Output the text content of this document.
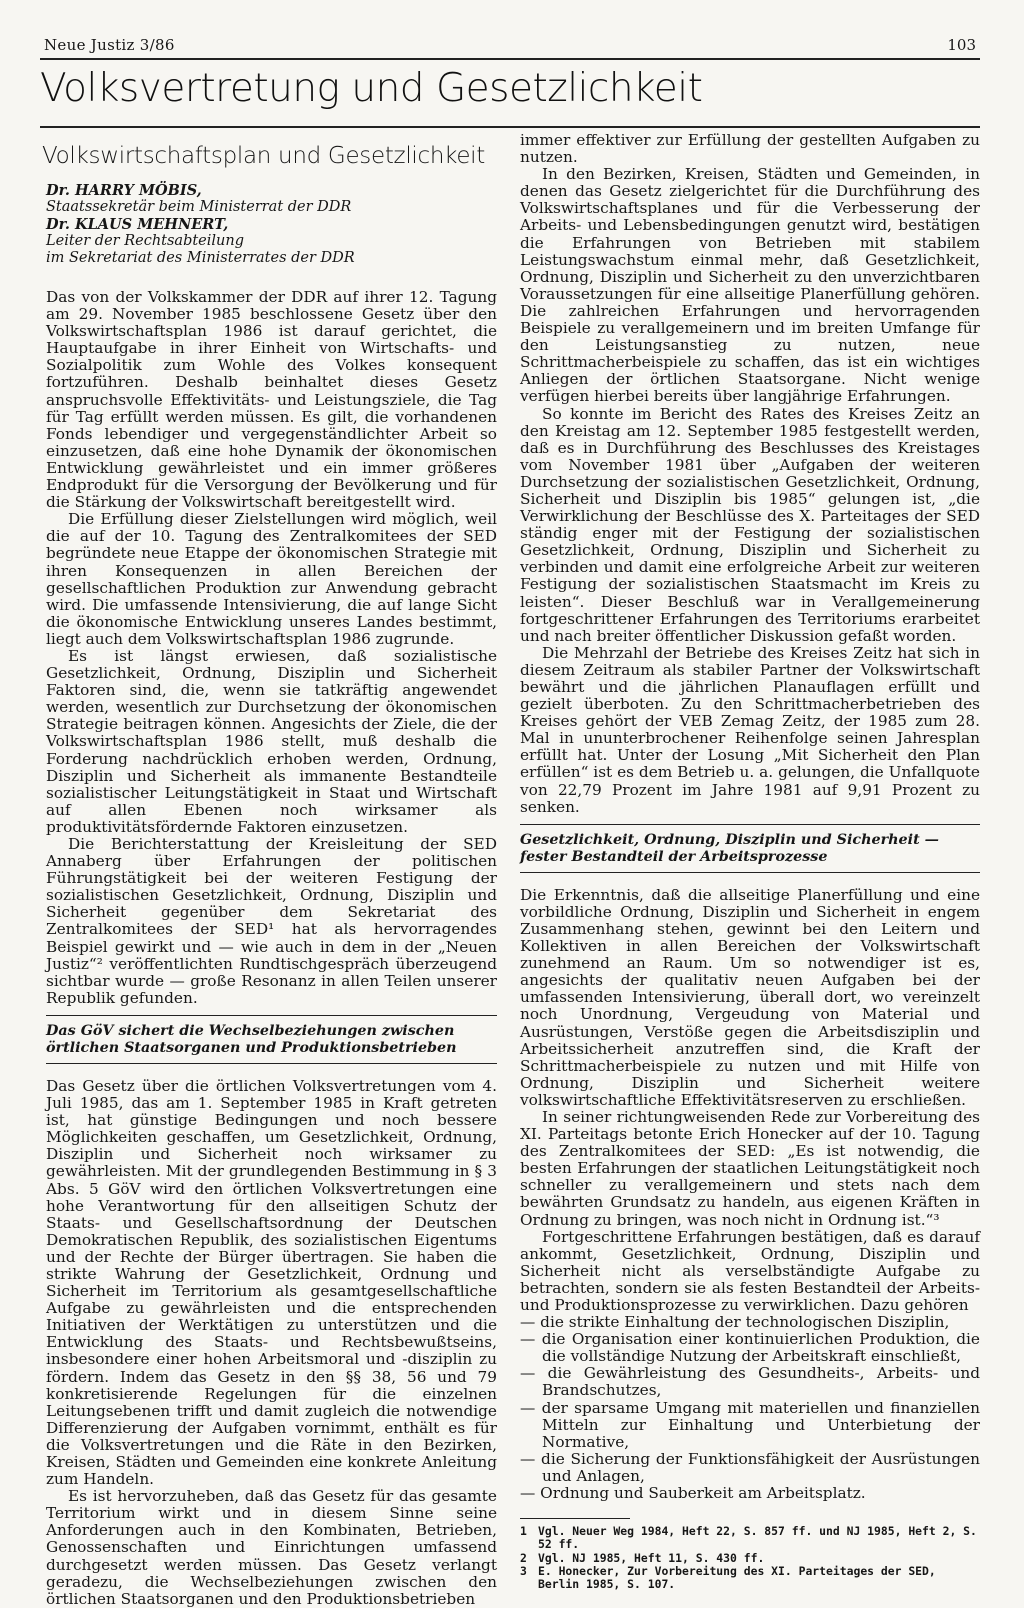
Neue Justiz 3/86	103
Volksvertretung und Gesetzlichkeit
Volkswirtschaftsplan und Gesetzlichkeit
Dr. HARRY MÖBIS,
Staatssekretär beim Ministerrat der DDR
Dr. KLAUS MEHNERT,
Leiter der Rechtsabteilung
im Sekretariat des Ministerrates der DDR

Das von der Volkskammer der DDR auf ihrer 12. Tagung am 29. November 1985 beschlossene Gesetz über den Volkswirtschaftsplan 1986 ist darauf gerichtet, die Hauptaufgabe in ihrer Einheit von Wirtschafts- und Sozialpolitik zum Wohle des Volkes konsequent fortzuführen. Deshalb beinhaltet dieses Gesetz anspruchsvolle Effektivitäts- und Leistungsziele, die Tag für Tag erfüllt werden müssen. Es gilt, die vorhandenen Fonds lebendiger und vergegenständlichter Arbeit so einzusetzen, daß eine hohe Dynamik der ökonomischen Entwicklung gewährleistet und ein immer größeres Endprodukt für die Versorgung der Bevölkerung und für die Stärkung der Volkswirtschaft bereitgestellt wird.

Die Erfüllung dieser Zielstellungen wird möglich, weil die auf der 10. Tagung des Zentralkomitees der SED begründete neue Etappe der ökonomischen Strategie mit ihren Konsequenzen in allen Bereichen der gesellschaftlichen Produktion zur Anwendung gebracht wird. Die umfassende Intensivierung, die auf lange Sicht die ökonomische Entwicklung unseres Landes bestimmt, liegt auch dem Volkswirtschaftsplan 1986 zugrunde.

Es ist längst erwiesen, daß sozialistische Gesetzlichkeit, Ordnung, Disziplin und Sicherheit Faktoren sind, die, wenn sie tatkräftig angewendet werden, wesentlich zur Durchsetzung der ökonomischen Strategie beitragen können. Angesichts der Ziele, die der Volkswirtschaftsplan 1986 stellt, muß deshalb die Forderung nachdrücklich erhoben werden, Ordnung, Disziplin und Sicherheit als immanente Bestandteile sozialistischer Leitungstätigkeit in Staat und Wirtschaft auf allen Ebenen noch wirksamer als produktivitätsfördernde Faktoren einzusetzen.

Die Berichterstattung der Kreisleitung der SED Annaberg über Erfahrungen der politischen Führungstätigkeit bei der weiteren Festigung der sozialistischen Gesetzlichkeit, Ordnung, Disziplin und Sicherheit gegenüber dem Sekretariat des Zentralkomitees der SED¹ hat als hervorragendes Beispiel gewirkt und — wie auch in dem in der „Neuen Justiz“² veröffentlichten Rundtischgespräch überzeugend sichtbar wurde — große Resonanz in allen Teilen unserer Republik gefunden.

Das GöV sichert die Wechselbeziehungen zwischen örtlichen Staatsorganen und Produktionsbetrieben

Das Gesetz über die örtlichen Volksvertretungen vom 4. Juli 1985, das am 1. September 1985 in Kraft getreten ist, hat günstige Bedingungen und noch bessere Möglichkeiten geschaffen, um Gesetzlichkeit, Ordnung, Disziplin und Sicherheit noch wirksamer zu gewährleisten. Mit der grundlegenden Bestimmung in § 3 Abs. 5 GöV wird den örtlichen Volksvertretungen eine hohe Verantwortung für den allseitigen Schutz der Staats- und Gesellschaftsordnung der Deutschen Demokratischen Republik, des sozialistischen Eigentums und der Rechte der Bürger übertragen. Sie haben die strikte Wahrung der Gesetzlichkeit, Ordnung und Sicherheit im Territorium als gesamtgesellschaftliche Aufgabe zu gewährleisten und die entsprechenden Initiativen der Werktätigen zu unterstützen und die Entwicklung des Staats- und Rechtsbewußtseins, insbesondere einer hohen Arbeitsmoral und -disziplin zu fördern. Indem das Gesetz in den §§ 38, 56 und 79 konkretisierende Regelungen für die einzelnen Leitungsebenen trifft und damit zugleich die notwendige Differenzierung der Aufgaben vornimmt, enthält es für die Volksvertretungen und die Räte in den Bezirken, Kreisen, Städten und Gemeinden eine konkrete Anleitung zum Handeln.

Es ist hervorzuheben, daß das Gesetz für das gesamte Territorium wirkt und in diesem Sinne seine Anforderungen auch in den Kombinaten, Betrieben, Genossenschaften und Einrichtungen umfassend durchgesetzt werden müssen. Das Gesetz verlangt geradezu, die Wechselbeziehungen zwischen den örtlichen Staatsorganen und den Produktionsbetrieben

immer effektiver zur Erfüllung der gestellten Aufgaben zu nutzen.

In den Bezirken, Kreisen, Städten und Gemeinden, in denen das Gesetz zielgerichtet für die Durchführung des Volkswirtschaftsplanes und für die Verbesserung der Arbeits- und Lebensbedingungen genutzt wird, bestätigen die Erfahrungen von Betrieben mit stabilem Leistungswachstum einmal mehr, daß Gesetzlichkeit, Ordnung, Disziplin und Sicherheit zu den unverzichtbaren Voraussetzungen für eine allseitige Planerfüllung gehören. Die zahlreichen Erfahrungen und hervorragenden Beispiele zu verallgemeinern und im breiten Umfange für den Leistungsanstieg zu nutzen, neue Schrittmacherbeispiele zu schaffen, das ist ein wichtiges Anliegen der örtlichen Staatsorgane. Nicht wenige verfügen hierbei bereits über langjährige Erfahrungen.

So konnte im Bericht des Rates des Kreises Zeitz an den Kreistag am 12. September 1985 festgestellt werden, daß es in Durchführung des Beschlusses des Kreistages vom November 1981 über „Aufgaben der weiteren Durchsetzung der sozialistischen Gesetzlichkeit, Ordnung, Sicherheit und Disziplin bis 1985“ gelungen ist, „die Verwirklichung der Beschlüsse des X. Parteitages der SED ständig enger mit der Festigung der sozialistischen Gesetzlichkeit, Ordnung, Disziplin und Sicherheit zu verbinden und damit eine erfolgreiche Arbeit zur weiteren Festigung der sozialistischen Staatsmacht im Kreis zu leisten“. Dieser Beschluß war in Verallgemeinerung fortgeschrittener Erfahrungen des Territoriums erarbeitet und nach breiter öffentlicher Diskussion gefaßt worden.

Die Mehrzahl der Betriebe des Kreises Zeitz hat sich in diesem Zeitraum als stabiler Partner der Volkswirtschaft bewährt und die jährlichen Planauflagen erfüllt und gezielt überboten. Zu den Schrittmacherbetrieben des Kreises gehört der VEB Zemag Zeitz, der 1985 zum 28. Mal in ununterbrochener Reihenfolge seinen Jahresplan erfüllt hat. Unter der Losung „Mit Sicherheit den Plan erfüllen“ ist es dem Betrieb u. a. gelungen, die Unfallquote von 22,79 Prozent im Jahre 1981 auf 9,91 Prozent zu senken.

Gesetzlichkeit, Ordnung, Disziplin und Sicherheit — fester Bestandteil der Arbeitsprozesse

Die Erkenntnis, daß die allseitige Planerfüllung und eine vorbildliche Ordnung, Disziplin und Sicherheit in engem Zusammenhang stehen, gewinnt bei den Leitern und Kollektiven in allen Bereichen der Volkswirtschaft zunehmend an Raum. Um so notwendiger ist es, angesichts der qualitativ neuen Aufgaben bei der umfassenden Intensivierung, überall dort, wo vereinzelt noch Unordnung, Vergeudung von Material und Ausrüstungen, Verstöße gegen die Arbeitsdisziplin und Arbeitssicherheit anzutreffen sind, die Kraft der Schrittmacherbeispiele zu nutzen und mit Hilfe von Ordnung, Disziplin und Sicherheit weitere volkswirtschaftliche Effektivitätsreserven zu erschließen.

In seiner richtungweisenden Rede zur Vorbereitung des XI. Parteitags betonte Erich Honecker auf der 10. Tagung des Zentralkomitees der SED: „Es ist notwendig, die besten Erfahrungen der staatlichen Leitungstätigkeit noch schneller zu verallgemeinern und stets nach dem bewährten Grundsatz zu handeln, aus eigenen Kräften in Ordnung zu bringen, was noch nicht in Ordnung ist.“³

Fortgeschrittene Erfahrungen bestätigen, daß es darauf ankommt, Gesetzlichkeit, Ordnung, Disziplin und Sicherheit nicht als verselbständigte Aufgabe zu betrachten, sondern sie als festen Bestandteil der Arbeits- und Produktionsprozesse zu verwirklichen. Dazu gehören

— die strikte Einhaltung der technologischen Disziplin,
— die Organisation einer kontinuierlichen Produktion, die die vollständige Nutzung der Arbeitskraft einschließt,
— die Gewährleistung des Gesundheits-, Arbeits- und Brandschutzes,
— der sparsame Umgang mit materiellen und finanziellen Mitteln zur Einhaltung und Unterbietung der Normative,
— die Sicherung der Funktionsfähigkeit der Ausrüstungen und Anlagen,
— Ordnung und Sauberkeit am Arbeitsplatz.
1 Vgl. Neuer Weg 1984, Heft 22, S. 857 ff. und NJ 1985, Heft 2, S. 52 ff.
2 Vgl. NJ 1985, Heft 11, S. 430 ff.
3 E. Honecker, Zur Vorbereitung des XI. Parteitages der SED, Berlin 1985, S. 107.
